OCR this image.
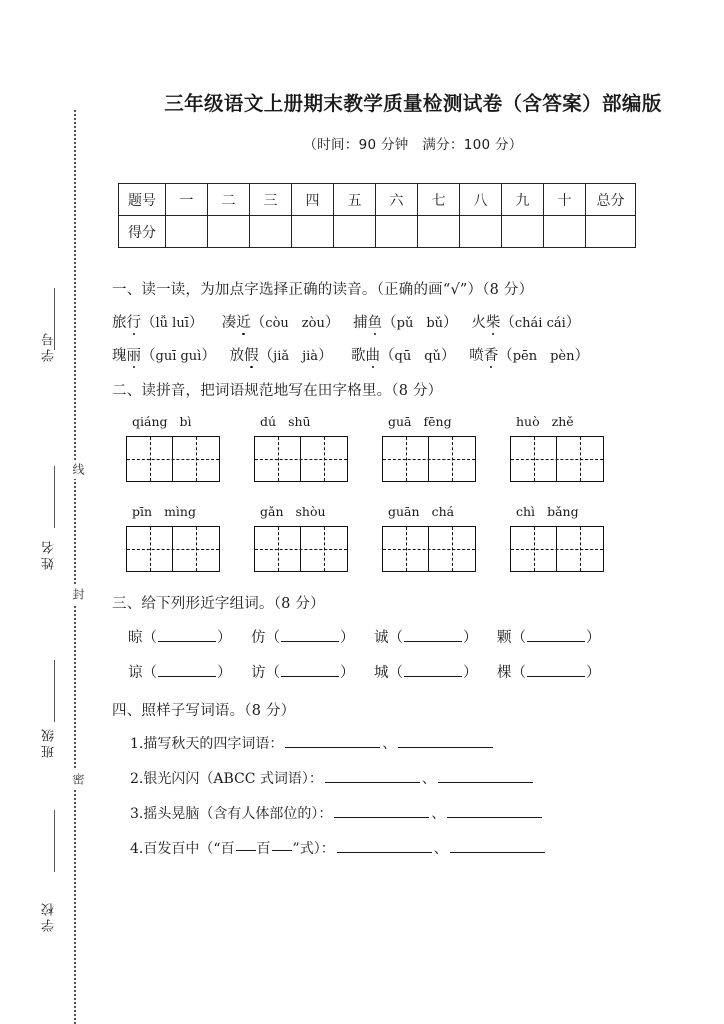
线
封
密
学号
姓名
班级
学校
三年级语文上册期末教学质量检测试卷（含答案）部编版
（时间：90 分钟　满分：100 分）
题号	一	二	三	四	五	六	七	八	九	十	总分
得分											
一、读一读，为加点字选择正确的读音。（正确的画“√”）（8 分）
旅行（lǚ luī） 凑近（còu　zòu） 捕鱼（pǔ　bǔ） 火柴（chái cái）
瑰丽（guī guì） 放假（jiǎ　jià） 歌曲（qū　qǔ） 喷香（pēn　pèn）
二、读拼音，把词语规范地写在田字格里。（8 分）
qiáng bì	dú shū	guā fēng	huò zhě
pīn mìng	gǎn shòu	guān chá	chì bǎng
三、给下列形近字组词。（8 分）
晾（	）	仿（	）	诚（	）	颗（	）
谅（	）	访（	）	城（	）	棵（	）
四、照样子写词语。（8 分）
1.描写秋天的四字词语：	、
2.银光闪闪（ABCC 式词语）：	、
3.摇头晃脑（含有人体部位的）：	、
4.百发百中（“百 百 ”式）：	、
